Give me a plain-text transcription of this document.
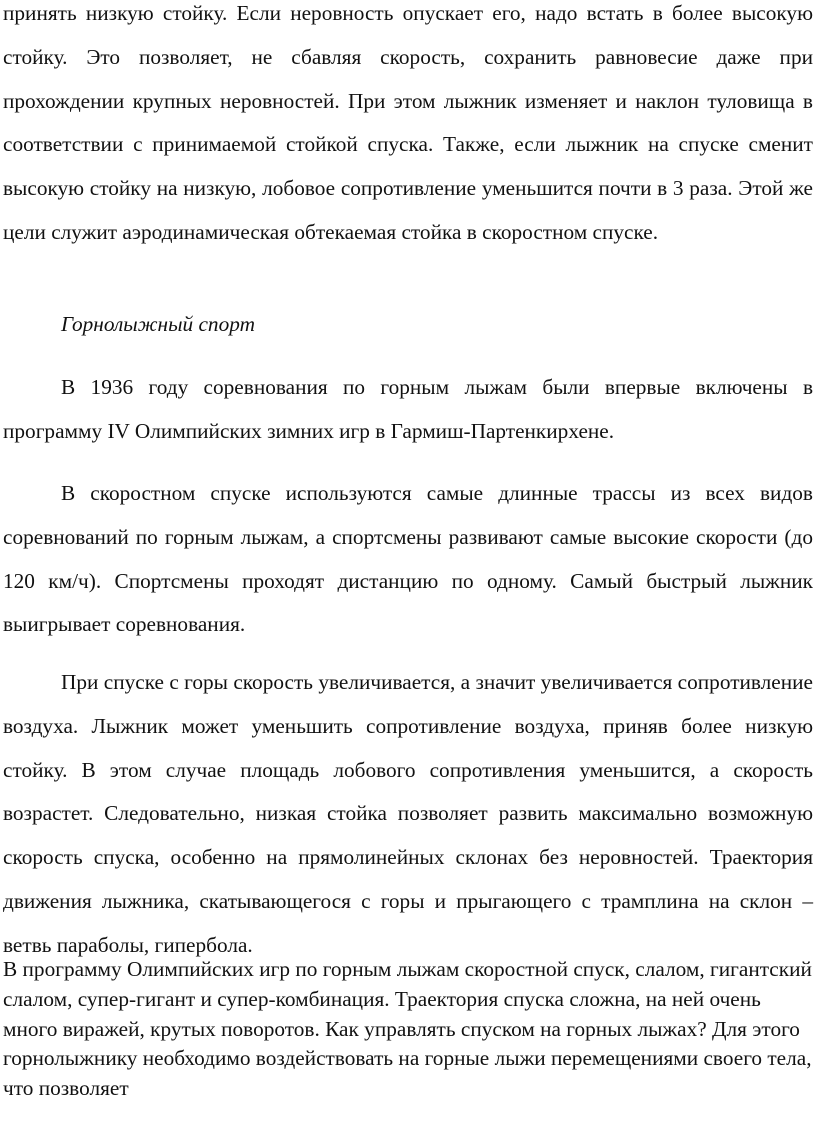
принять низкую стойку. Если неровность опускает его, надо встать в более высокую стойку. Это позволяет, не сбавляя скорость, сохранить равновесие даже при прохождении крупных неровностей. При этом лыжник изменяет и наклон туловища в соответствии с принимаемой стойкой спуска. Также, если лыжник на спуске сменит высокую стойку на низкую, лобовое сопротивление уменьшится почти в 3 раза. Этой же цели служит аэродинамическая обтекаемая стойка в скоростном спуске.

Горнолыжный спорт

В 1936 году соревнования по горным лыжам были впервые включены в программу IV Олимпийских зимних игр в Гармиш-Партенкирхене.

В скоростном спуске используются самые длинные трассы из всех видов соревнований по горным лыжам, а спортсмены развивают самые высокие скорости (до 120 км/ч). Спортсмены проходят дистанцию по одному. Самый быстрый лыжник выигрывает соревнования.

При спуске с горы скорость увеличивается, а значит увеличивается сопротивление воздуха. Лыжник может уменьшить сопротивление воздуха, приняв более низкую стойку. В этом случае площадь лобового сопротивления уменьшится, а скорость возрастет. Следовательно, низкая стойка позволяет развить максимально возможную скорость спуска, особенно на прямолинейных склонах без неровностей. Траектория движения лыжника, скатывающегося с горы и прыгающего с трамплина на склон – ветвь параболы, гипербола.

В программу Олимпийских игр по горным лыжам скоростной спуск, слалом, гигантский слалом, супер-гигант и супер-комбинация. Траектория спуска сложна, на ней очень много виражей, крутых поворотов. Как управлять спуском на горных лыжах? Для этого горнолыжнику необходимо воздействовать на горные лыжи перемещениями своего тела, что позволяет
